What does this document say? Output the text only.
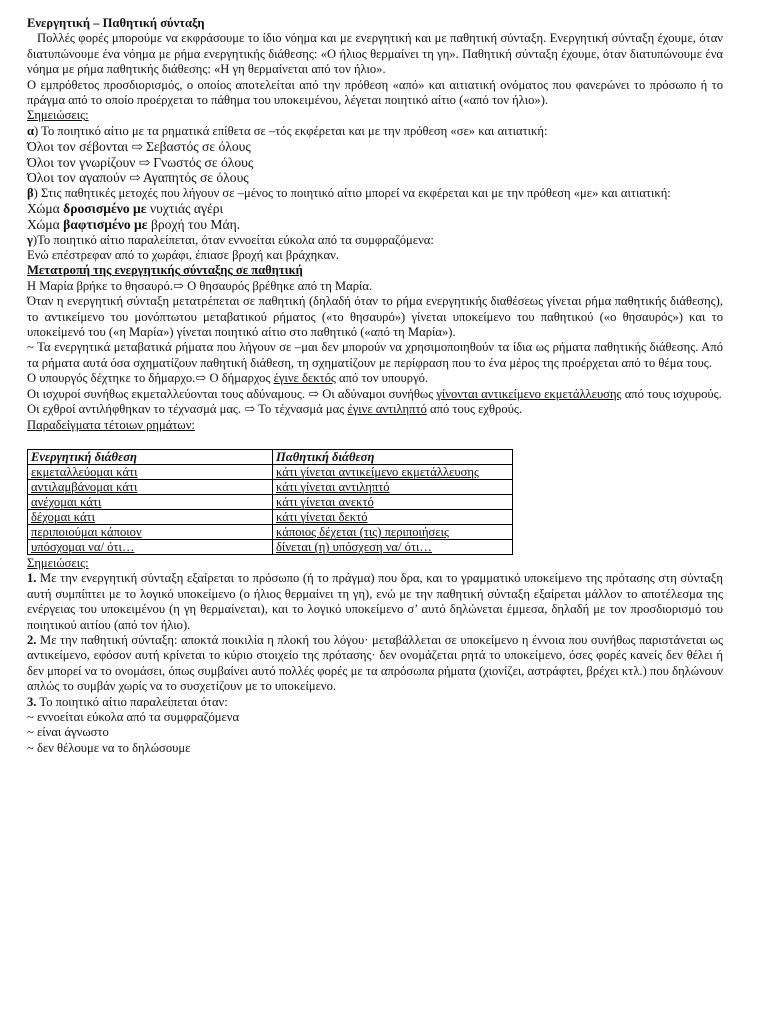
Ενεργητική – Παθητική σύνταξη

Πολλές φορές μπορούμε να εκφράσουμε το ίδιο νόημα και με ενεργητική και με παθητική σύνταξη. Ενεργητική σύνταξη έχουμε, όταν διατυπώνουμε ένα νόημα με ρήμα ενεργητικής διάθεσης: «Ο ήλιος θερμαίνει τη γη». Παθητική σύνταξη έχουμε, όταν διατυπώνουμε ένα νόημα με ρήμα παθητικής διάθεσης: «Η γη θερμαίνεται από τον ήλιο».

Ο εμπρόθετος προσδιορισμός, ο οποίος αποτελείται από την πρόθεση «από» και αιτιατική ονόματος που φανερώνει το πρόσωπο ή το πράγμα από το οποίο προέρχεται το πάθημα του υποκειμένου, λέγεται ποιητικό αίτιο («από τον ήλιο»).

Σημειώσεις:

α) Το ποιητικό αίτιο με τα ρηματικά επίθετα σε –τός εκφέρεται και με την πρόθεση «σε» και αιτιατική:

Όλοι τον σέβονται ⇨ Σεβαστός σε όλους

Όλοι τον γνωρίζουν ⇨ Γνωστός σε όλους

Όλοι τον αγαπούν ⇨ Αγαπητός σε όλους

β) Στις παθητικές μετοχές που λήγουν σε –μένος το ποιητικό αίτιο μπορεί να εκφέρεται και με την πρόθεση «με» και αιτιατική:

Χώμα δροσισμένο με νυχτιάς αγέρι

Χώμα βαφτισμένο με βροχή του Μάη.

γ)Το ποιητικό αίτιο παραλείπεται, όταν εννοείται εύκολα από τα συμφραζόμενα:

Ενώ επέστρεφαν από το χωράφι, έπιασε βροχή και βράχηκαν.

Μετατροπή της ενεργητικής σύνταξης σε παθητική

Η Μαρία βρήκε το θησαυρό.⇨ Ο θησαυρός βρέθηκε από τη Μαρία.

Όταν η ενεργητική σύνταξη μετατρέπεται σε παθητική (δηλαδή όταν το ρήμα ενεργητικής διαθέσεως γίνεται ρήμα παθητικής διάθεσης), το αντικείμενο του μονόπτωτου μεταβατικού ρήματος («το θησαυρό») γίνεται υποκείμενο του παθητικού («ο θησαυρός») και το υποκείμενό του («η Μαρία») γίνεται ποιητικό αίτιο στο παθητικό («από τη Μαρία»).

~ Τα ενεργητικά μεταβατικά ρήματα που λήγουν σε –μαι δεν μπορούν να χρησιμοποιηθούν τα ίδια ως ρήματα παθητικής διάθεσης. Από τα ρήματα αυτά όσα σχηματίζουν παθητική διάθεση, τη σχηματίζουν με περίφραση που το ένα μέρος της προέρχεται από το θέμα τους.

Ο υπουργός δέχτηκε το δήμαρχο.⇨ Ο δήμαρχος έγινε δεκτός από τον υπουργό.

Οι ισχυροί συνήθως εκμεταλλεύονται τους αδύναμους. ⇨ Οι αδύναμοι συνήθως γίνονται αντικείμενο εκμετάλλευσης από τους ισχυρούς.

Οι εχθροί αντιλήφθηκαν το τέχνασμά μας. ⇨ Το τέχνασμά μας έγινε αντιληπτό από τους εχθρούς.

Παραδείγματα τέτοιων ρημάτων:

Ενεργητική διάθεση	Παθητική διάθεση
εκμεταλλεύομαι κάτι	κάτι γίνεται αντικείμενο εκμετάλλευσης
αντιλαμβάνομαι κάτι	κάτι γίνεται αντιληπτό
ανέχομαι κάτι	κάτι γίνεται ανεκτό
δέχομαι κάτι	κάτι γίνεται δεκτό
περιποιούμαι κάποιον	κάποιος δέχεται (τις) περιποιήσεις
υπόσχομαι να/ ότι…	δίνεται (η) υπόσχεση να/ ότι…

Σημειώσεις:

1. Με την ενεργητική σύνταξη εξαίρεται το πρόσωπο (ή το πράγμα) που δρα, και το γραμματικό υποκείμενο της πρότασης στη σύνταξη αυτή συμπίπτει με το λογικό υποκείμενο (ο ήλιος θερμαίνει τη γη), ενώ με την παθητική σύνταξη εξαίρεται μάλλον το αποτέλεσμα της ενέργειας του υποκειμένου (η γη θερμαίνεται), και το λογικό υποκείμενο σ’ αυτό δηλώνεται έμμεσα, δηλαδή με τον προσδιορισμό του ποιητικού αιτίου (από τον ήλιο).

2. Με την παθητική σύνταξη: αποκτά ποικιλία η πλοκή του λόγου· μεταβάλλεται σε υποκείμενο η έννοια που συνήθως παριστάνεται ως αντικείμενο, εφόσον αυτή κρίνεται το κύριο στοιχείο της πρότασης· δεν ονομάζεται ρητά το υποκείμενο, όσες φορές κανείς δεν θέλει ή δεν μπορεί να το ονομάσει, όπως συμβαίνει αυτό πολλές φορές με τα απρόσωπα ρήματα (χιονίζει, αστράφτει, βρέχει κτλ.) που δηλώνουν απλώς το συμβάν χωρίς να το συσχετίζουν με το υποκείμενο.

3. Το ποιητικό αίτιο παραλείπεται όταν:

~ εννοείται εύκολα από τα συμφραζόμενα

~ είναι άγνωστο

~ δεν θέλουμε να το δηλώσουμε
